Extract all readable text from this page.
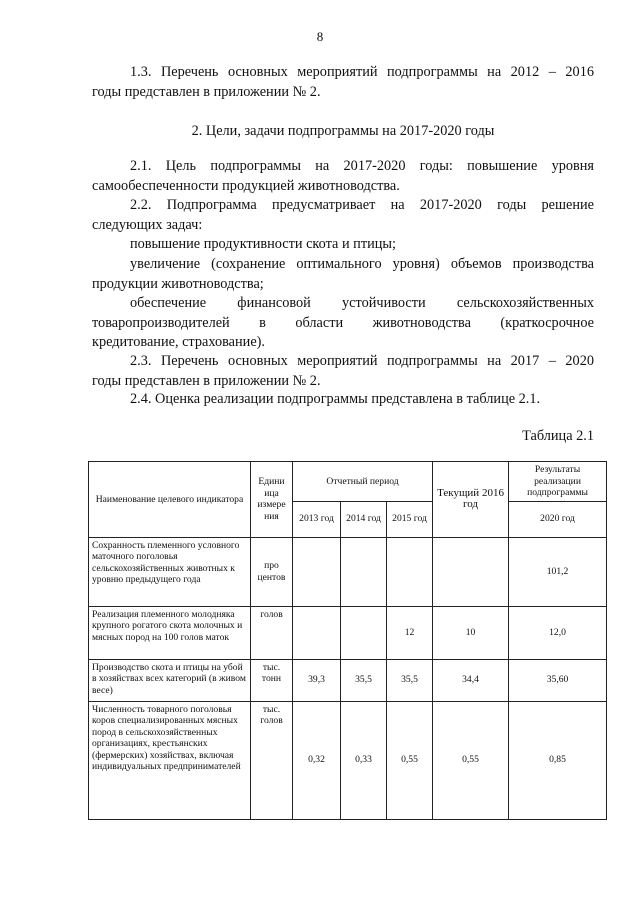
8
1.3. Перечень основных мероприятий подпрограммы на 2012 – 2016
годы представлен в приложении № 2.
2. Цели, задачи подпрограммы на 2017-2020 годы
2.1. Цель подпрограммы на 2017-2020 годы: повышение уровня
самообеспеченности продукцией животноводства.
2.2. Подпрограмма предусматривает на 2017-2020 годы решение
следующих задач:
повышение продуктивности скота и птицы;
увеличение (сохранение оптимального уровня) объемов производства
продукции животноводства;
обеспечение финансовой устойчивости сельскохозяйственных
товаропроизводителей в области животноводства (краткосрочное
кредитование, страхование).
2.3. Перечень основных мероприятий подпрограммы на 2017 – 2020
годы представлен в приложении № 2.
2.4. Оценка реализации подпрограммы представлена в таблице 2.1.
Таблица 2.1
Наименование целевого индикатора	Едини ица измере ния	Отчетный период			Текущий 2016 год	Результаты реализации подпрограммы
		2013 год	2014 год	2015 год		2020 год
Сохранность племенного условного маточного поголовья сельскохозяйственных животных к уровню предыдущего года	про центов					101,2
Реализация племенного молодняка крупного рогатого скота молочных и мясных пород на 100 голов маток	голов			12	10	12,0
Производство скота и птицы на убой в хозяйствах всех категорий (в живом весе)	тыс. тонн	39,3	35,5	35,5	34,4	35,60
Численность товарного поголовья коров специализированных мясных пород в сельскохозяйственных организациях, крестьянских (фермерских) хозяйствах, включая индивидуальных предпринимателей	тыс. голов	0,32	0,33	0,55	0,55	0,85
